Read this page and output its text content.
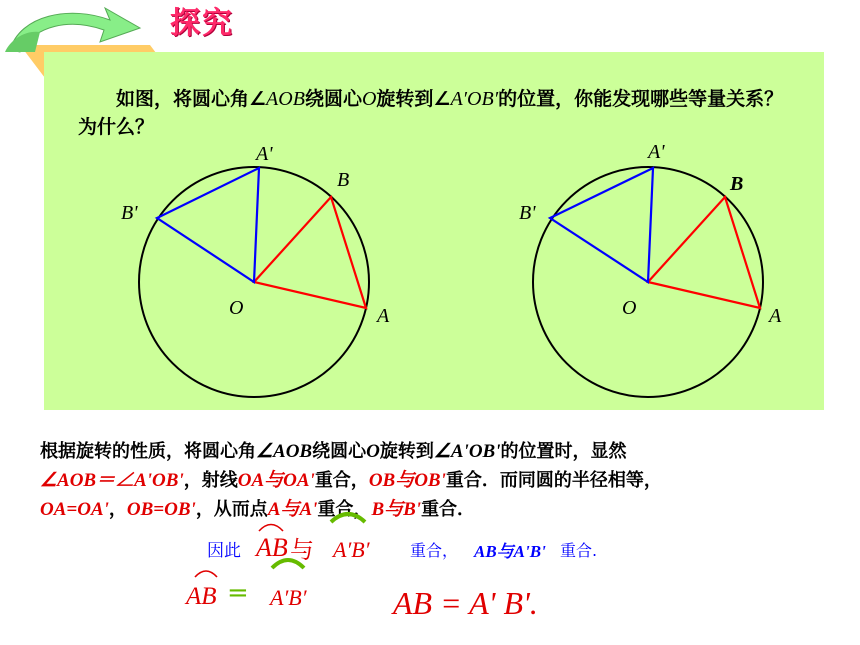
探究
如图，将圆心角∠AOB绕圆心O旋转到∠A′OB′的位置，你能发现哪些等量关系？为什么？
A'
B
B'
O	A
A'
B
B'
O	A
根据旋转的性质，将圆心角∠AOB绕圆心O旋转到∠A'OB'的位置时，显然
∠AOB＝∠A'OB'，射线OA与OA'重合，OB与OB'重合．而同圆的半径相等，
OA=OA'，OB=OB'，从而点A与A'重合，B与B'重合．
因此 AB 与 A′B′	重合， AB与A'B' 重合.
AB = A′B′	AB = A' B'.
